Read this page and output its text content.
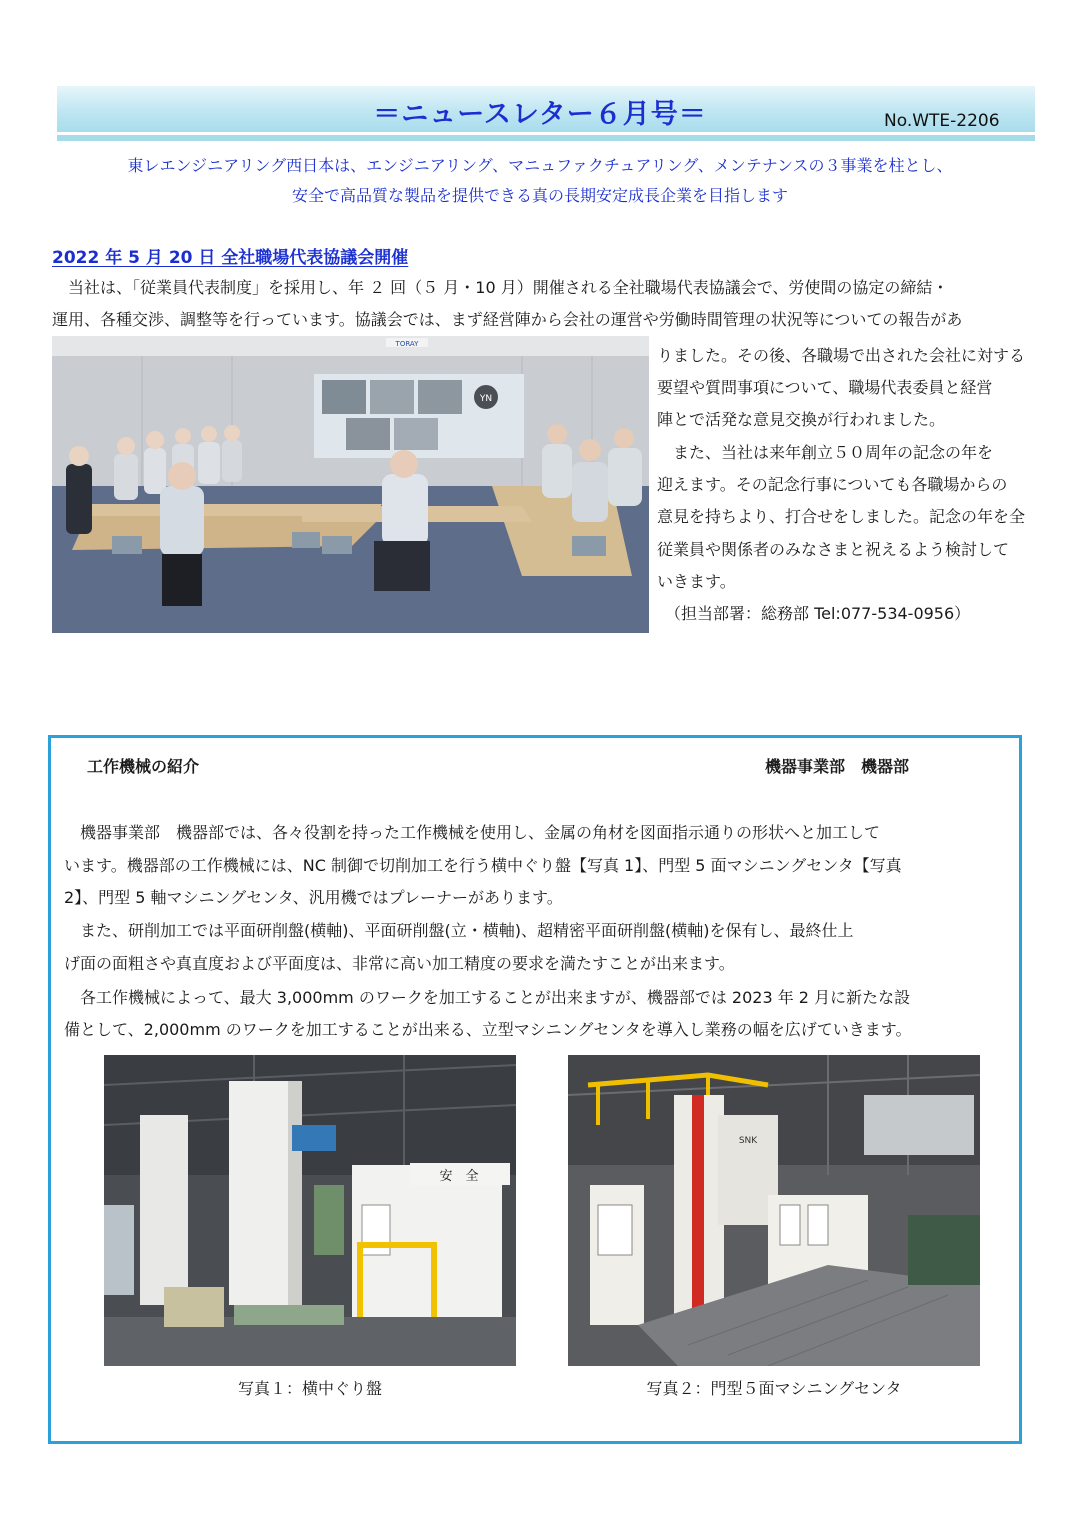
＝ニュースレター６月号＝	No.WTE-2206
東レエンジニアリング西日本は、エンジニアリング、マニュファクチュアリング、メンテナンスの３事業を柱とし、
安全で高品質な製品を提供できる真の長期安定成長企業を目指します
2022 年 5 月 20 日 全社職場代表協議会開催
　当社は、「従業員代表制度」を採用し、年 ２ 回（５ 月・10 月）開催される全社職場代表協議会で、労使間の協定の締結・
運用、各種交渉、調整等を行っています。協議会では、まず経営陣から会社の運営や労働時間管理の状況等についての報告があ
りました。その後、各職場で出された会社に対する
要望や質問事項について、職場代表委員と経営
陣とで活発な意見交換が行われました。
　また、当社は来年創立５０周年の記念の年を
迎えます。その記念行事についても各職場からの
意見を持ちより、打合せをしました。記念の年を全
従業員や関係者のみなさまと祝えるよう検討して
いきます。
　（担当部署：総務部 Tel:077-534-0956）
YN
TORAY
工作機械の紹介	機器事業部　機器部
　機器事業部　機器部では、各々役割を持った工作機械を使用し、金属の角材を図面指示通りの形状へと加工して
います。機器部の工作機械には、NC 制御で切削加工を行う横中ぐり盤【写真 1】、門型 5 面マシニングセンタ【写真
2】、門型 5 軸マシニングセンタ、汎用機ではプレーナーがあります。
　また、研削加工では平面研削盤(横軸)、平面研削盤(立・横軸)、超精密平面研削盤(横軸)を保有し、最終仕上
げ面の面粗さや真直度および平面度は、非常に高い加工精度の要求を満たすことが出来ます。
　各工作機械によって、最大 3,000mm のワークを加工することが出来ますが、機器部では 2023 年 2 月に新たな設
備として、2,000mm のワークを加工することが出来る、立型マシニングセンタを導入し業務の幅を広げていきます。
安　全
SNK
写真１：横中ぐり盤	写真２：門型５面マシニングセンタ
